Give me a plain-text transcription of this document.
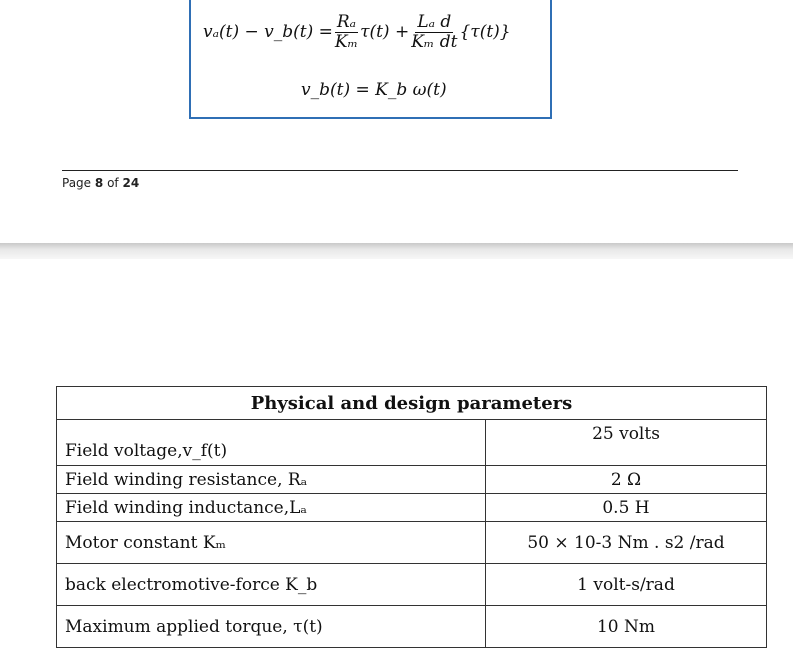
vₐ(t) − v_b(t) = $\frac{\text{Rₐ}}{\text{Kₘ}} \tau(t) + \frac{\text{Lₐ d}}{\text{Kₘ dt}} \{\tau(t)\}$
v_b(t) = K_b ω(t)
Page 8 of 24
Physical and design parameters	
Field voltage,v_f(t)	25 volts
Field winding resistance, Rₐ	2 Ω
Field winding inductance,Lₐ	0.5 H
Motor constant Kₘ	50 × 10-3 Nm . s2 /rad
back electromotive-force K_b	1 volt-s/rad
Maximum applied torque, τ(t)	10 Nm
